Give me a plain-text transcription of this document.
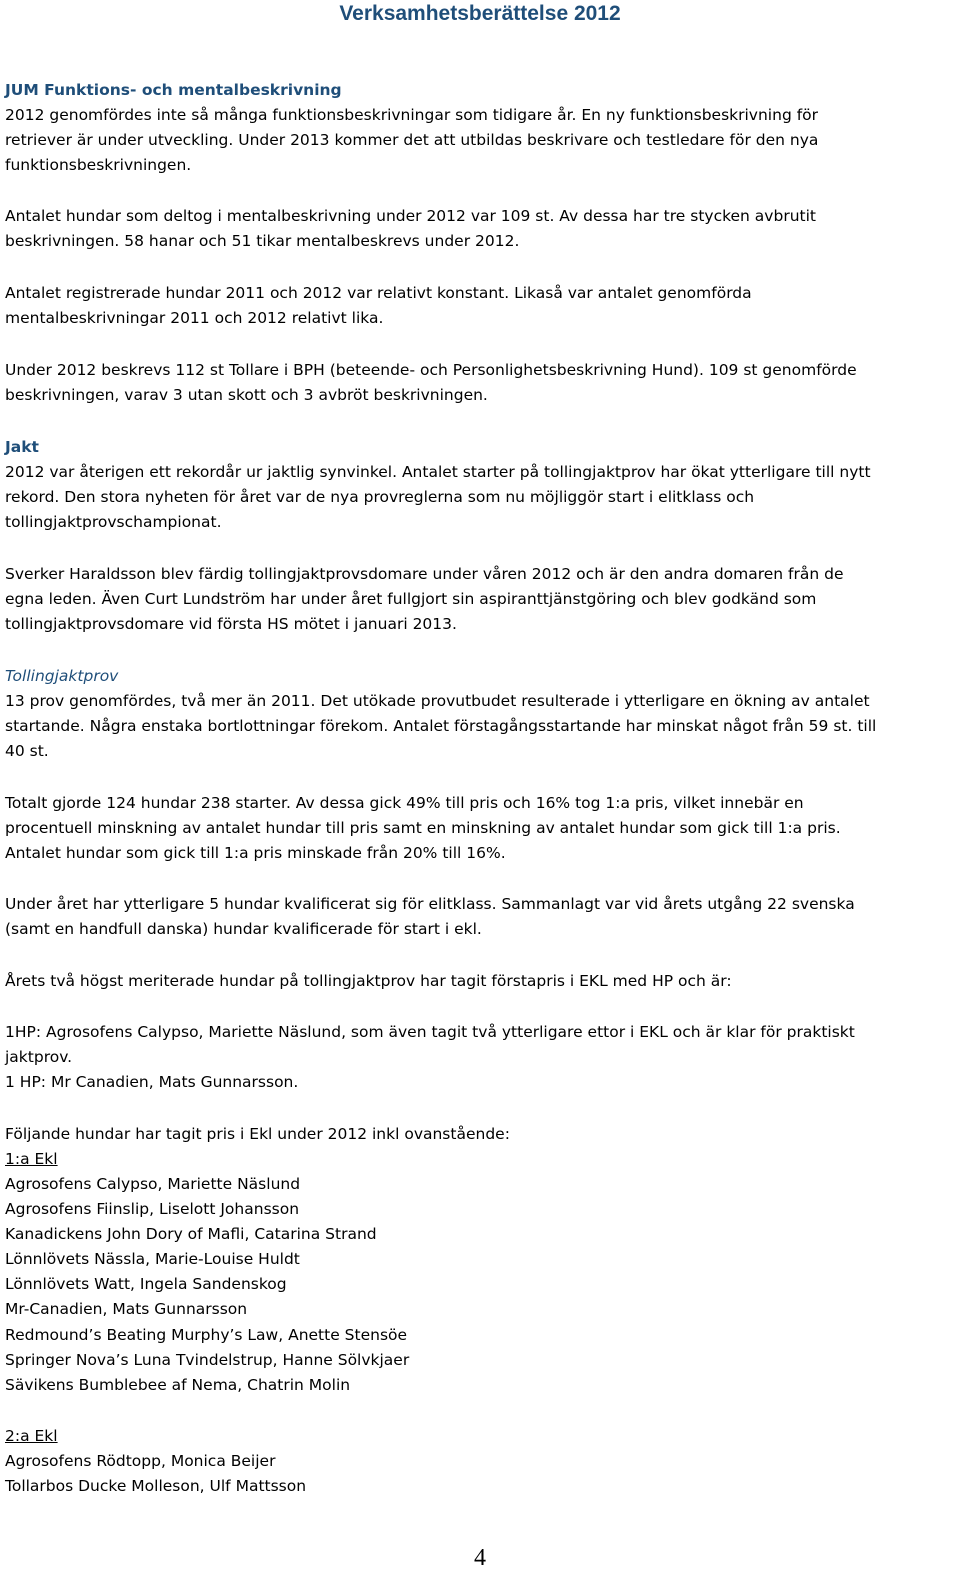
Verksamhetsberättelse 2012

JUM Funktions- och mentalbeskrivning

2012 genomfördes inte så många funktionsbeskrivningar som tidigare år. En ny funktionsbeskrivning för

retriever är under utveckling. Under 2013 kommer det att utbildas beskrivare och testledare för den nya

funktionsbeskrivningen.

Antalet hundar som deltog i mentalbeskrivning under 2012 var 109 st. Av dessa har tre stycken avbrutit

beskrivningen. 58 hanar och 51 tikar mentalbeskrevs under 2012.

Antalet registrerade hundar 2011 och 2012 var relativt konstant. Likaså var antalet genomförda

mentalbeskrivningar 2011 och 2012 relativt lika.

Under 2012 beskrevs 112 st Tollare i BPH (beteende- och Personlighetsbeskrivning Hund). 109 st genomförde

beskrivningen, varav 3 utan skott och 3 avbröt beskrivningen.

Jakt

2012 var återigen ett rekordår ur jaktlig synvinkel. Antalet starter på tollingjaktprov har ökat ytterligare till nytt

rekord. Den stora nyheten för året var de nya provreglerna som nu möjliggör start i elitklass och

tollingjaktprovschampionat.

Sverker Haraldsson blev färdig tollingjaktprovsdomare under våren 2012 och är den andra domaren från de

egna leden. Även Curt Lundström har under året fullgjort sin aspiranttjänstgöring och blev godkänd som

tollingjaktprovsdomare vid första HS mötet i januari 2013.

Tollingjaktprov

13 prov genomfördes, två mer än 2011. Det utökade provutbudet resulterade i ytterligare en ökning av antalet

startande. Några enstaka bortlottningar förekom. Antalet förstagångsstartande har minskat något från 59 st. till

40 st.

Totalt gjorde 124 hundar 238 starter. Av dessa gick 49% till pris och 16% tog 1:a pris, vilket innebär en

procentuell minskning av antalet hundar till pris samt en minskning av antalet hundar som gick till 1:a pris.

Antalet hundar som gick till 1:a pris minskade från 20% till 16%.

Under året har ytterligare 5 hundar kvalificerat sig för elitklass. Sammanlagt var vid årets utgång 22 svenska

(samt en handfull danska) hundar kvalificerade för start i ekl.

Årets två högst meriterade hundar på tollingjaktprov har tagit förstapris i EKL med HP och är:

1HP: Agrosofens Calypso, Mariette Näslund, som även tagit två ytterligare ettor i EKL och är klar för praktiskt

jaktprov.

1 HP: Mr Canadien, Mats Gunnarsson.

Följande hundar har tagit pris i Ekl under 2012 inkl ovanstående:

1:a Ekl

Agrosofens Calypso, Mariette Näslund

Agrosofens Fiinslip, Liselott Johansson

Kanadickens John Dory of Mafli, Catarina Strand

Lönnlövets Nässla, Marie-Louise Huldt

Lönnlövets Watt, Ingela Sandenskog

Mr-Canadien, Mats Gunnarsson

Redmound’s Beating Murphy’s Law, Anette Stensöe

Springer Nova’s Luna Tvindelstrup, Hanne Sölvkjaer

Sävikens Bumblebee af Nema, Chatrin Molin

2:a Ekl

Agrosofens Rödtopp, Monica Beijer

Tollarbos Ducke Molleson, Ulf Mattsson

4
